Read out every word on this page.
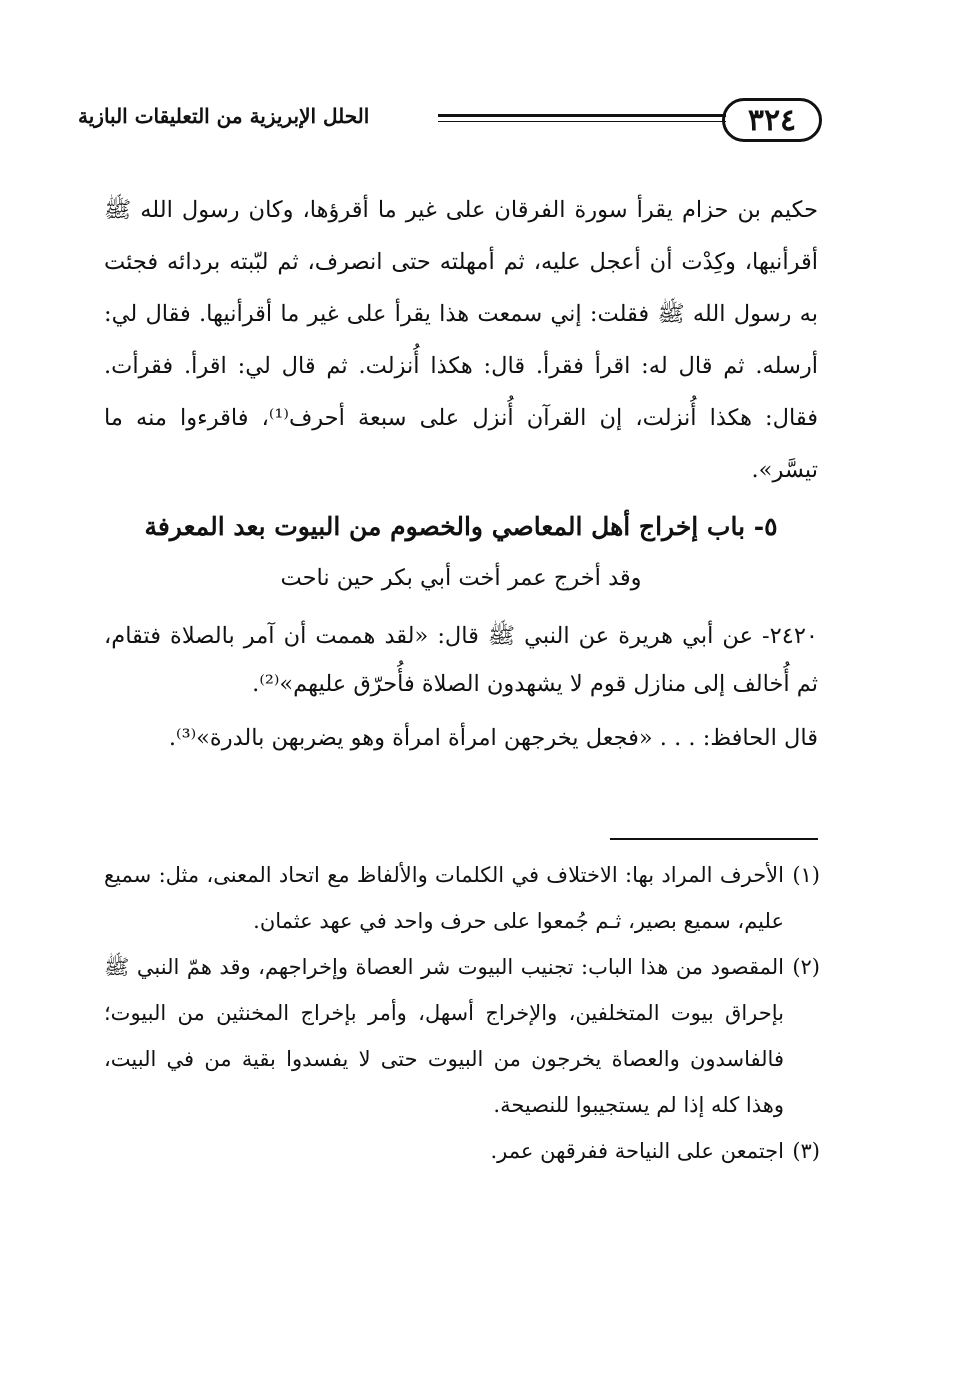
٣٢٤
الحلل الإبريزية من التعليقات البازية

حكيم بن حزام يقرأ سورة الفرقان على غير ما أقرؤها، وكان رسول الله ﷺ أقرأنيها، وكِدْت أن أعجل عليه، ثم أمهلته حتى انصرف، ثم لبّبته بردائه فجئت به رسول الله ﷺ فقلت: إني سمعت هذا يقرأ على غير ما أقرأنيها. فقال لي: أرسله. ثم قال له: اقرأ فقرأ. قال: هكذا أُنزلت. ثم قال لي: اقرأ. فقرأت. فقال: هكذا أُنزلت، إن القرآن أُنزل على سبعة أحرف⁽¹⁾، فاقرءوا منه ما تيسَّر».

٥- باب إخراج أهل المعاصي والخصوم من البيوت بعد المعرفة
وقد أخرج عمر أخت أبي بكر حين ناحت

٢٤٢٠- عن أبي هريرة عن النبي ﷺ قال: «لقد هممت أن آمر بالصلاة فتقام، ثم أُخالف إلى منازل قوم لا يشهدون الصلاة فأُحرّق عليهم»⁽²⁾.

قال الحافظ: . . . «فجعل يخرجهن امرأة امرأة وهو يضربهن بالدرة»⁽³⁾.

(١)
الأحرف المراد بها: الاختلاف في الكلمات والألفاظ مع اتحاد المعنى، مثل: سميع عليم، سميع بصير، ثـم جُمعوا على حرف واحد في عهد عثمان.

(٢)
المقصود من هذا الباب: تجنيب البيوت شر العصاة وإخراجهم، وقد همّ النبي ﷺ بإحراق بيوت المتخلفين، والإخراج أسهل، وأمر بإخراج المخنثين من البيوت؛ فالفاسدون والعصاة يخرجون من البيوت حتى لا يفسدوا بقية من في البيت، وهذا كله إذا لم يستجيبوا للنصيحة.

(٣)
اجتمعن على النياحة ففرقهن عمر.
